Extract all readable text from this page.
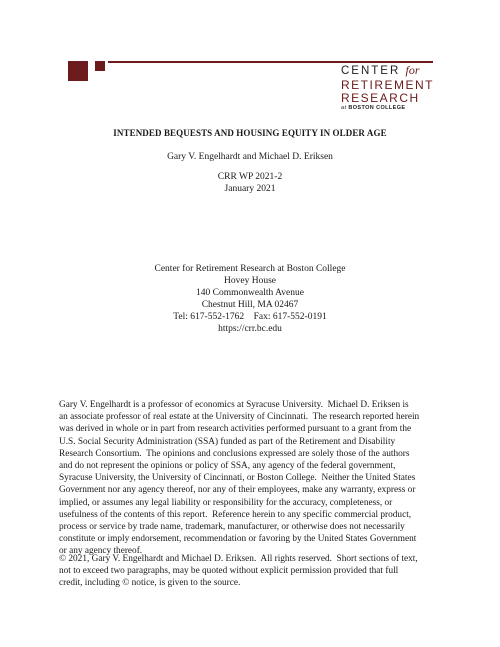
CENTER for
RETIREMENT
RESEARCH
at BOSTON COLLEGE
INTENDED BEQUESTS AND HOUSING EQUITY IN OLDER AGE
Gary V. Engelhardt and Michael D. Eriksen
CRR WP 2021-2
January 2021
Center for Retirement Research at Boston College
Hovey House
140 Commonwealth Avenue
Chestnut Hill, MA 02467
Tel: 617-552-1762    Fax: 617-552-0191
https://crr.bc.edu
Gary V. Engelhardt is a professor of economics at Syracuse University.  Michael D. Eriksen is
an associate professor of real estate at the University of Cincinnati.  The research reported herein
was derived in whole or in part from research activities performed pursuant to a grant from the
U.S. Social Security Administration (SSA) funded as part of the Retirement and Disability
Research Consortium.  The opinions and conclusions expressed are solely those of the authors
and do not represent the opinions or policy of SSA, any agency of the federal government,
Syracuse University, the University of Cincinnati, or Boston College.  Neither the United States
Government nor any agency thereof, nor any of their employees, make any warranty, express or
implied, or assumes any legal liability or responsibility for the accuracy, completeness, or
usefulness of the contents of this report.  Reference herein to any specific commercial product,
process or service by trade name, trademark, manufacturer, or otherwise does not necessarily
constitute or imply endorsement, recommendation or favoring by the United States Government
or any agency thereof.
© 2021, Gary V. Engelhardt and Michael D. Eriksen.  All rights reserved.  Short sections of text,
not to exceed two paragraphs, may be quoted without explicit permission provided that full
credit, including © notice, is given to the source.
